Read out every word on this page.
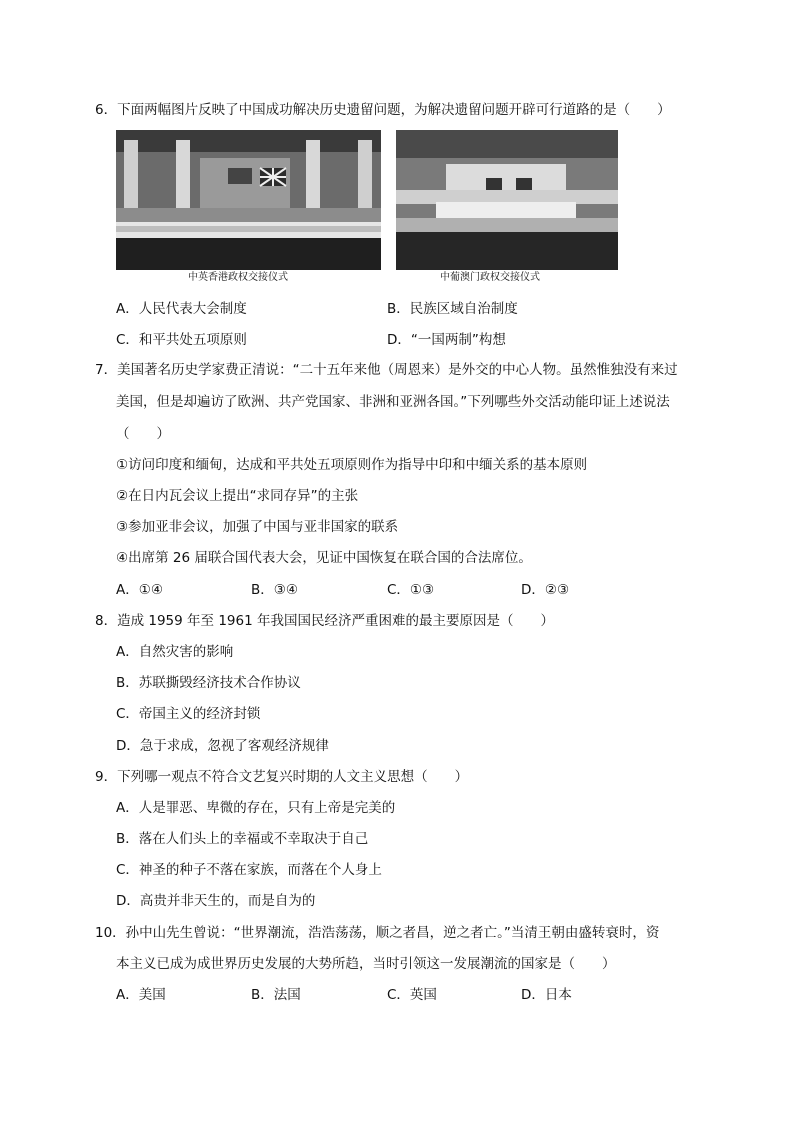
6．下面两幅图片反映了中国成功解决历史遗留问题，为解决遗留问题开辟可行道路的是（　　）
中英香港政权交接仪式	中葡澳门政权交接仪式
A．人民代表大会制度	B．民族区域自治制度
C．和平共处五项原则	D．“一国两制”构想
7．美国著名历史学家费正清说：“二十五年来他（周恩来）是外交的中心人物。虽然惟独没有来过
美国，但是却遍访了欧洲、共产党国家、非洲和亚洲各国。”下列哪些外交活动能印证上述说法
（　　）
①访问印度和缅甸，达成和平共处五项原则作为指导中印和中缅关系的基本原则
②在日内瓦会议上提出“求同存异”的主张
③参加亚非会议，加强了中国与亚非国家的联系
④出席第 26 届联合国代表大会，见证中国恢复在联合国的合法席位。
A．①④	B．③④	C．①③	D．②③
8．造成 1959 年至 1961 年我国国民经济严重困难的最主要原因是（　　）
A．自然灾害的影响
B．苏联撕毁经济技术合作协议
C．帝国主义的经济封锁
D．急于求成，忽视了客观经济规律
9．下列哪一观点不符合文艺复兴时期的人文主义思想（　　）
A．人是罪恶、卑微的存在，只有上帝是完美的
B．落在人们头上的幸福或不幸取决于自己
C．神圣的种子不落在家族，而落在个人身上
D．高贵并非天生的，而是自为的
10．孙中山先生曾说：“世界潮流，浩浩荡荡，顺之者昌，逆之者亡。”当清王朝由盛转衰时，资
本主义已成为成世界历史发展的大势所趋，当时引领这一发展潮流的国家是（　　）
A．美国	B．法国	C．英国	D．日本
